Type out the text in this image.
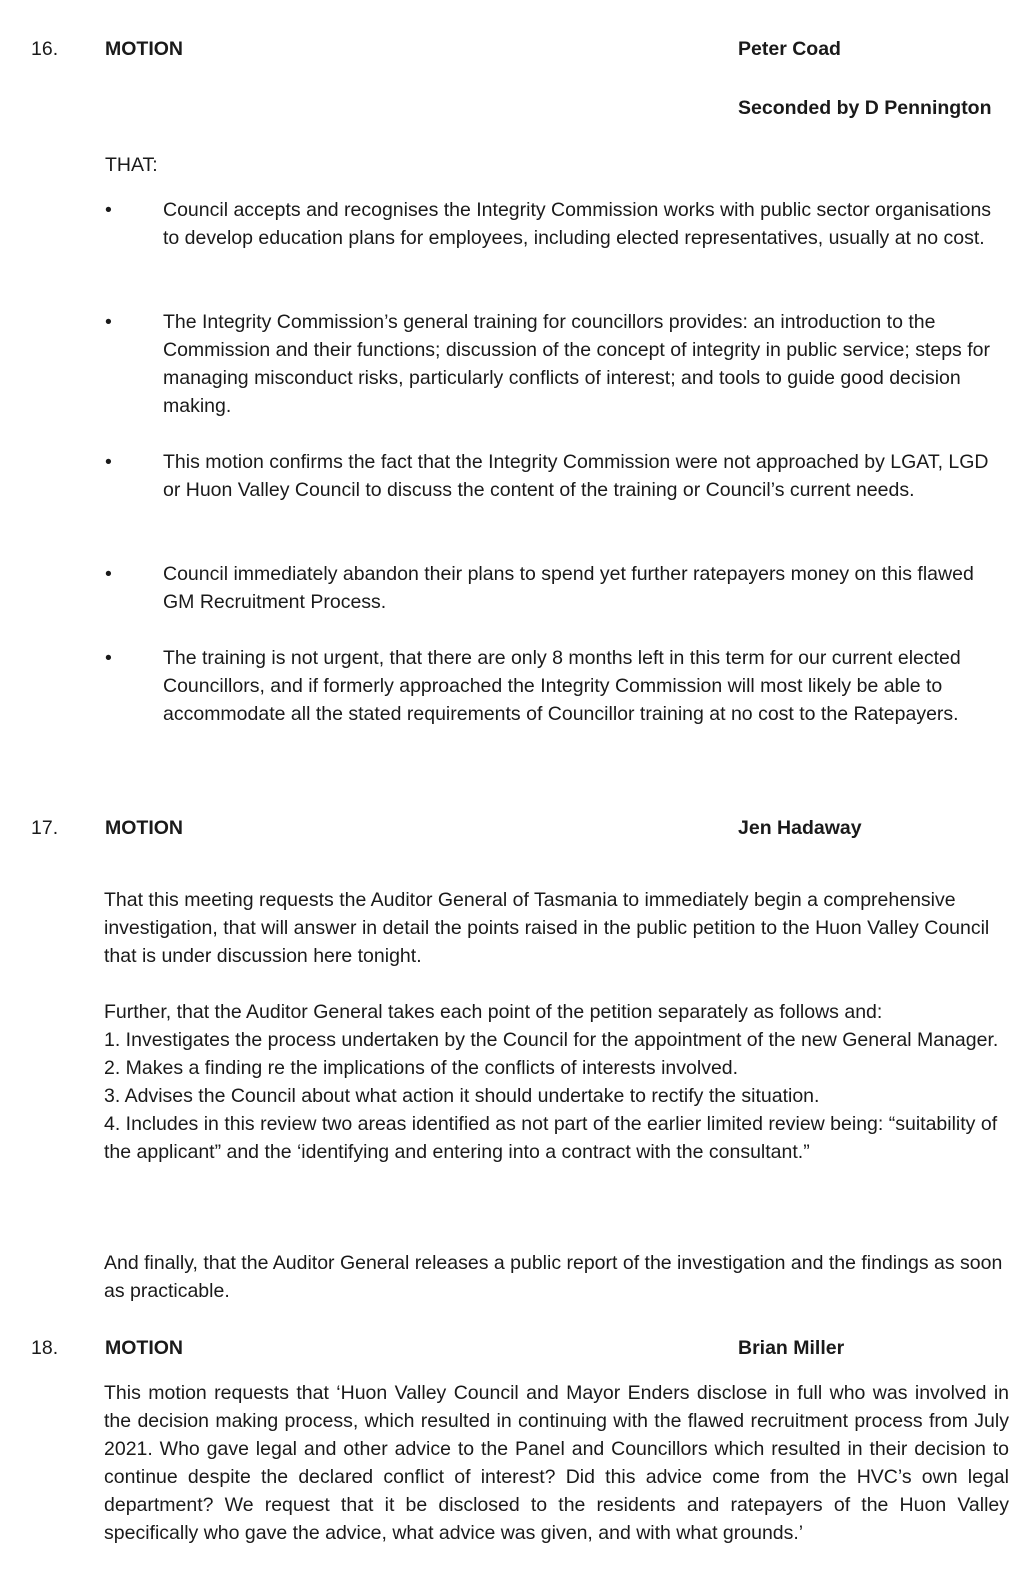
16. MOTION	Peter Coad
Seconded by D Pennington
THAT:
•	Council accepts and recognises the Integrity Commission works with public sector organisations to develop education plans for employees, including elected representatives, usually at no cost.
•	The Integrity Commission’s general training for councillors provides: an introduction to the Commission and their functions; discussion of the concept of integrity in public service; steps for managing misconduct risks, particularly conflicts of interest; and tools to guide good decision making.
•	This motion confirms the fact that the Integrity Commission were not approached by LGAT, LGD or Huon Valley Council to discuss the content of the training or Council’s current needs.
•	Council immediately abandon their plans to spend yet further ratepayers money on this flawed GM Recruitment Process.
•	The training is not urgent, that there are only 8 months left in this term for our current elected Councillors, and if formerly approached the Integrity Commission will most likely be able to accommodate all the stated requirements of Councillor training at no cost to the Ratepayers.
17. MOTION	Jen Hadaway
That this meeting requests the Auditor General of Tasmania to immediately begin a comprehensive investigation, that will answer in detail the points raised in the public petition to the Huon Valley Council that is under discussion here tonight.
Further, that the Auditor General takes each point of the petition separately as follows and:
1. Investigates the process undertaken by the Council for the appointment of the new General Manager.
2. Makes a finding re the implications of the conflicts of interests involved.
3. Advises the Council about what action it should undertake to rectify the situation.
4. Includes in this review two areas identified as not part of the earlier limited review being: “suitability of the applicant” and the ‘identifying and entering into a contract with the consultant.”
And finally, that the Auditor General releases a public report of the investigation and the findings as soon as practicable.
18. MOTION	Brian Miller
This motion requests that ‘Huon Valley Council and Mayor Enders disclose in full who was involved in the decision making process, which resulted in continuing with the flawed recruitment process from July 2021. Who gave legal and other advice to the Panel and Councillors which resulted in their decision to continue despite the declared conflict of interest? Did this advice come from the HVC’s own legal department? We request that it be disclosed to the residents and ratepayers of the Huon Valley specifically who gave the advice, what advice was given, and with what grounds.’
